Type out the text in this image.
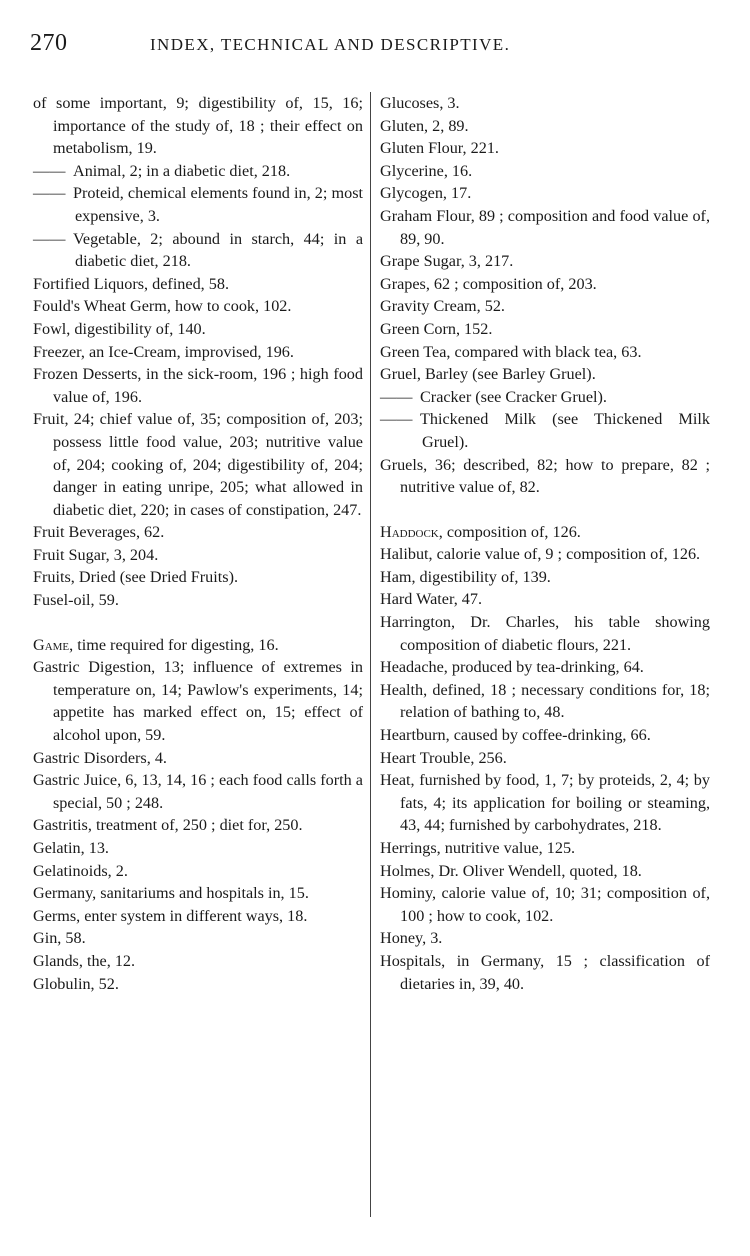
270	INDEX, TECHNICAL AND DESCRIPTIVE.
of some important, 9; digestibility of, 15, 16; importance of the study of, 18 ; their effect on metabolism, 19.
—— Animal, 2; in a diabetic diet, 218.
—— Proteid, chemical elements found in, 2; most expensive, 3.
—— Vegetable, 2; abound in starch, 44; in a diabetic diet, 218.
Fortified Liquors, defined, 58.
Fould's Wheat Germ, how to cook, 102.
Fowl, digestibility of, 140.
Freezer, an Ice-Cream, improvised, 196.
Frozen Desserts, in the sick-room, 196 ; high food value of, 196.
Fruit, 24; chief value of, 35; composition of, 203; possess little food value, 203; nutritive value of, 204; cooking of, 204; digestibility of, 204; danger in eating unripe, 205; what allowed in diabetic diet, 220; in cases of constipation, 247.
Fruit Beverages, 62.
Fruit Sugar, 3, 204.
Fruits, Dried (see Dried Fruits).
Fusel-oil, 59.
Game, time required for digesting, 16.
Gastric Digestion, 13; influence of extremes in temperature on, 14; Pawlow's experiments, 14; appetite has marked effect on, 15; effect of alcohol upon, 59.
Gastric Disorders, 4.
Gastric Juice, 6, 13, 14, 16 ; each food calls forth a special, 50 ; 248.
Gastritis, treatment of, 250 ; diet for, 250.
Gelatin, 13.
Gelatinoids, 2.
Germany, sanitariums and hospitals in, 15.
Germs, enter system in different ways, 18.
Gin, 58.
Glands, the, 12.
Globulin, 52.
Glucoses, 3.
Gluten, 2, 89.
Gluten Flour, 221.
Glycerine, 16.
Glycogen, 17.
Graham Flour, 89 ; composition and food value of, 89, 90.
Grape Sugar, 3, 217.
Grapes, 62 ; composition of, 203.
Gravity Cream, 52.
Green Corn, 152.
Green Tea, compared with black tea, 63.
Gruel, Barley (see Barley Gruel).
—— Cracker (see Cracker Gruel).
—— Thickened Milk (see Thickened Milk Gruel).
Gruels, 36; described, 82; how to prepare, 82 ; nutritive value of, 82.
Haddock, composition of, 126.
Halibut, calorie value of, 9 ; composition of, 126.
Ham, digestibility of, 139.
Hard Water, 47.
Harrington, Dr. Charles, his table showing composition of diabetic flours, 221.
Headache, produced by tea-drinking, 64.
Health, defined, 18 ; necessary conditions for, 18; relation of bathing to, 48.
Heartburn, caused by coffee-drinking, 66.
Heart Trouble, 256.
Heat, furnished by food, 1, 7; by proteids, 2, 4; by fats, 4; its application for boiling or steaming, 43, 44; furnished by carbohydrates, 218.
Herrings, nutritive value, 125.
Holmes, Dr. Oliver Wendell, quoted, 18.
Hominy, calorie value of, 10; 31; composition of, 100 ; how to cook, 102.
Honey, 3.
Hospitals, in Germany, 15 ; classification of dietaries in, 39, 40.
